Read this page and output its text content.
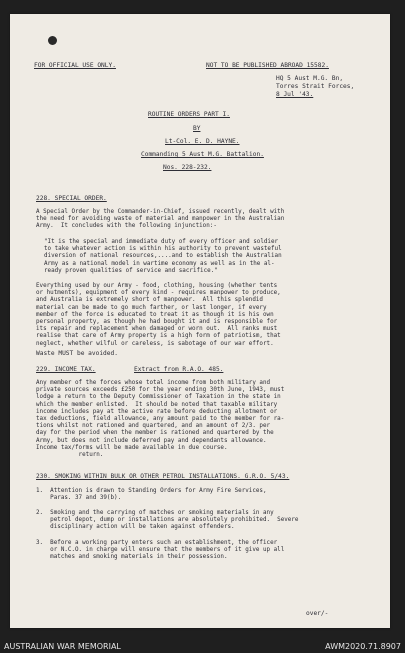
FOR OFFICIAL USE ONLY.	NOT TO BE PUBLISHED ABROAD 15582.
HQ 5 Aust M.G. Bn,
Torres Strait Forces,
8 Jul '43.
ROUTINE ORDERS PART I.
BY
Lt-Col. E. D. HAYNE.
Commanding 5 Aust M.G. Battalion.
Nos. 228-232.
228. SPECIAL ORDER.
A Special Order by the Commander-in-Chief, issued recently, dealt with
the need for avoiding waste of material and manpower in the Australian
Army.  It concludes with the following injunction:-
"It is the special and immediate duty of every officer and soldier
to take whatever action is within his authority to prevent wasteful
diversion of national resources,....and to establish the Australian
Army as a national model in wartime economy as well as in the al-
ready proven qualities of service and sacrifice."
Everything used by our Army - food, clothing, housing (whether tents
or hutments), equipment of every kind - requires manpower to produce,
and Australia is extremely short of manpower.  All this splendid
material can be made to go much farther, or last longer, if every
member of the force is educated to treat it as though it is his own
personal property, as though he had bought it and is responsible for
its repair and replacement when damaged or worn out.  All ranks must
realise that care of Army property is a high form of patriotism, that
neglect, whether wilful or careless, is sabotage of our war effort.
Waste MUST be avoided.
229. INCOME TAX.	Extract from R.A.O. 485.
Any member of the forces whose total income from both military and
private sources exceeds £250 for the year ending 30th June, 1943, must
lodge a return to the Deputy Commissioner of Taxation in the state in
which the member enlisted.  It should be noted that taxable military
income includes pay at the active rate before deducting allotment or
tax deductions, field allowance, any amount paid to the member for ra-
tions whilst not rationed and quartered, and an amount of 2/3. per
day for the period when the member is rationed and quartered by the
Army, but does not include deferred pay and dependants allowance.
Income tax/forms will be made available in due course.
return.
230. SMOKING WITHIN BULK OR OTHER PETROL INSTALLATIONS. G.R.O. 5/43.
1.  Attention is drawn to Standing Orders for Army Fire Services,
Paras. 37 and 39(b).
2.  Smoking and the carrying of matches or smoking materials in any
petrol depot, dump or installations are absolutely prohibited.  Severe
disciplinary action will be taken against offenders.
3.  Before a working party enters such an establishment, the officer
or N.C.O. in charge will ensure that the members of it give up all
matches and smoking materials in their possession.
over/-
AUSTRALIAN WAR MEMORIAL	AWM2020.71.8907
